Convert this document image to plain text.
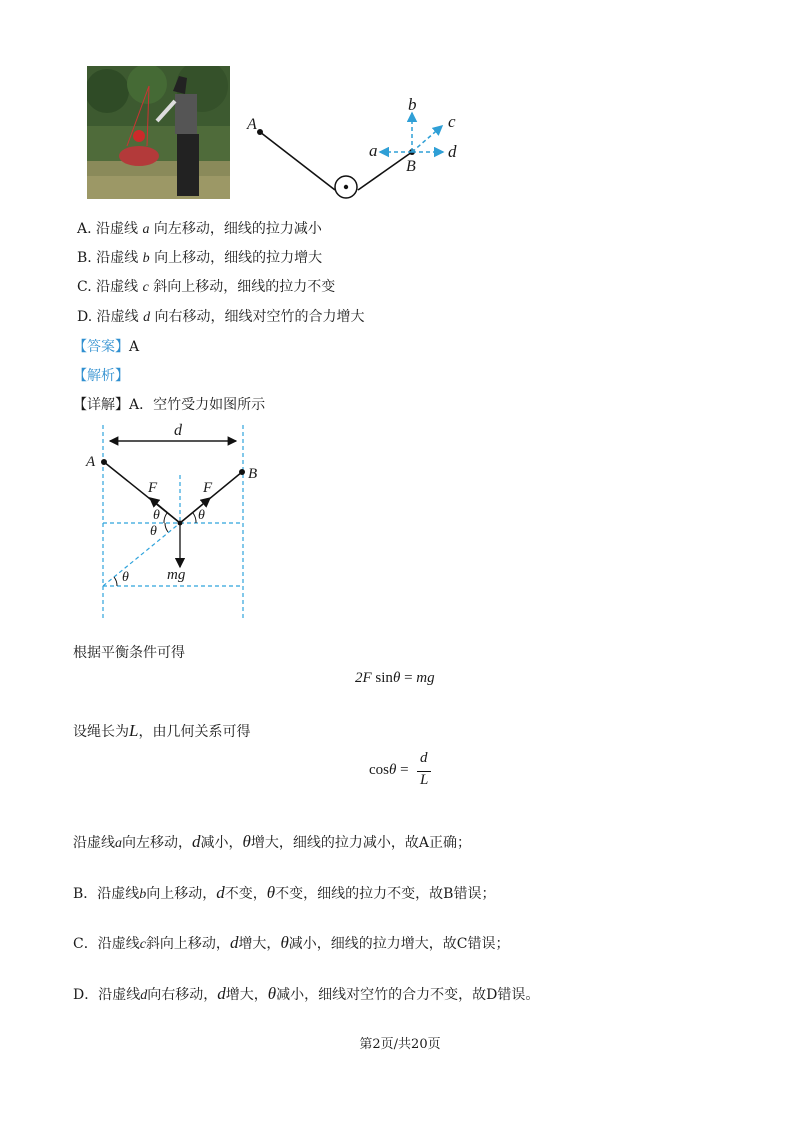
A
B
a
b
c
d
A. 沿虚线 a 向左移动，细线的拉力减小
B. 沿虚线 b 向上移动，细线的拉力增大
C. 沿虚线 c 斜向上移动，细线的拉力不变
D. 沿虚线 d 向右移动，细线对空竹的合力增大
【答案】A
【解析】
【详解】A．空竹受力如图所示
d
A
B
F	F
θ	θ
θ
θ	mg
根据平衡条件可得
2F sinθ = mg
设绳长为L，由几何关系可得
cosθ =
d
L
沿虚线a向左移动，d减小，θ增大，细线的拉力减小，故A正确；
B．沿虚线b向上移动，d不变，θ不变，细线的拉力不变，故B错误；
C．沿虚线c斜向上移动，d增大，θ减小，细线的拉力增大，故C错误；
D．沿虚线d向右移动，d增大，θ减小，细线对空竹的合力不变，故D错误。
第2页/共20页
